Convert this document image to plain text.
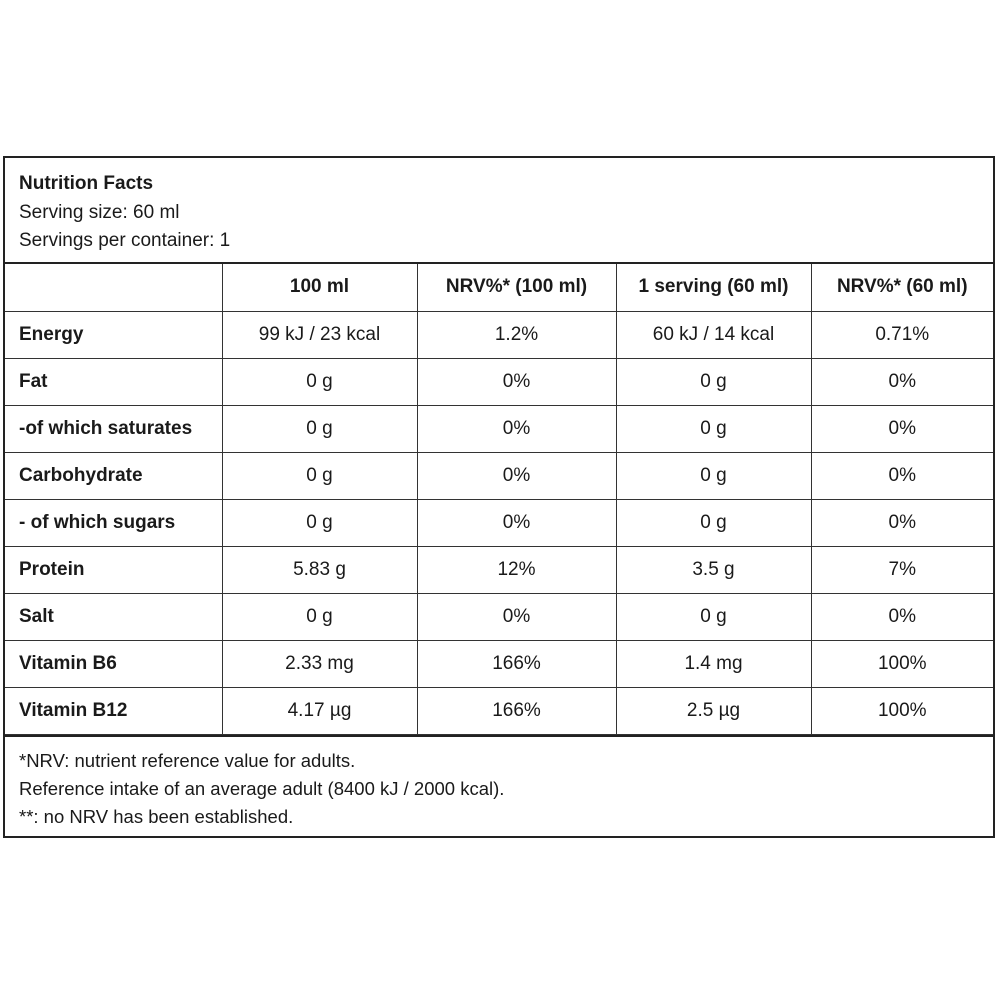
Nutrition Facts
Serving size: 60 ml
Servings per container: 1
	100 ml	NRV%* (100 ml)	1 serving (60 ml)	NRV%* (60 ml)
Energy	99 kJ / 23 kcal	1.2%	60 kJ / 14 kcal	0.71%
Fat	0 g	0%	0 g	0%
-of which saturates	0 g	0%	0 g	0%
Carbohydrate	0 g	0%	0 g	0%
- of which sugars	0 g	0%	0 g	0%
Protein	5.83 g	12%	3.5 g	7%
Salt	0 g	0%	0 g	0%
Vitamin B6	2.33 mg	166%	1.4 mg	100%
Vitamin B12	4.17 µg	166%	2.5 µg	100%
*NRV: nutrient reference value for adults.
Reference intake of an average adult (8400 kJ / 2000 kcal).
**: no NRV has been established.
